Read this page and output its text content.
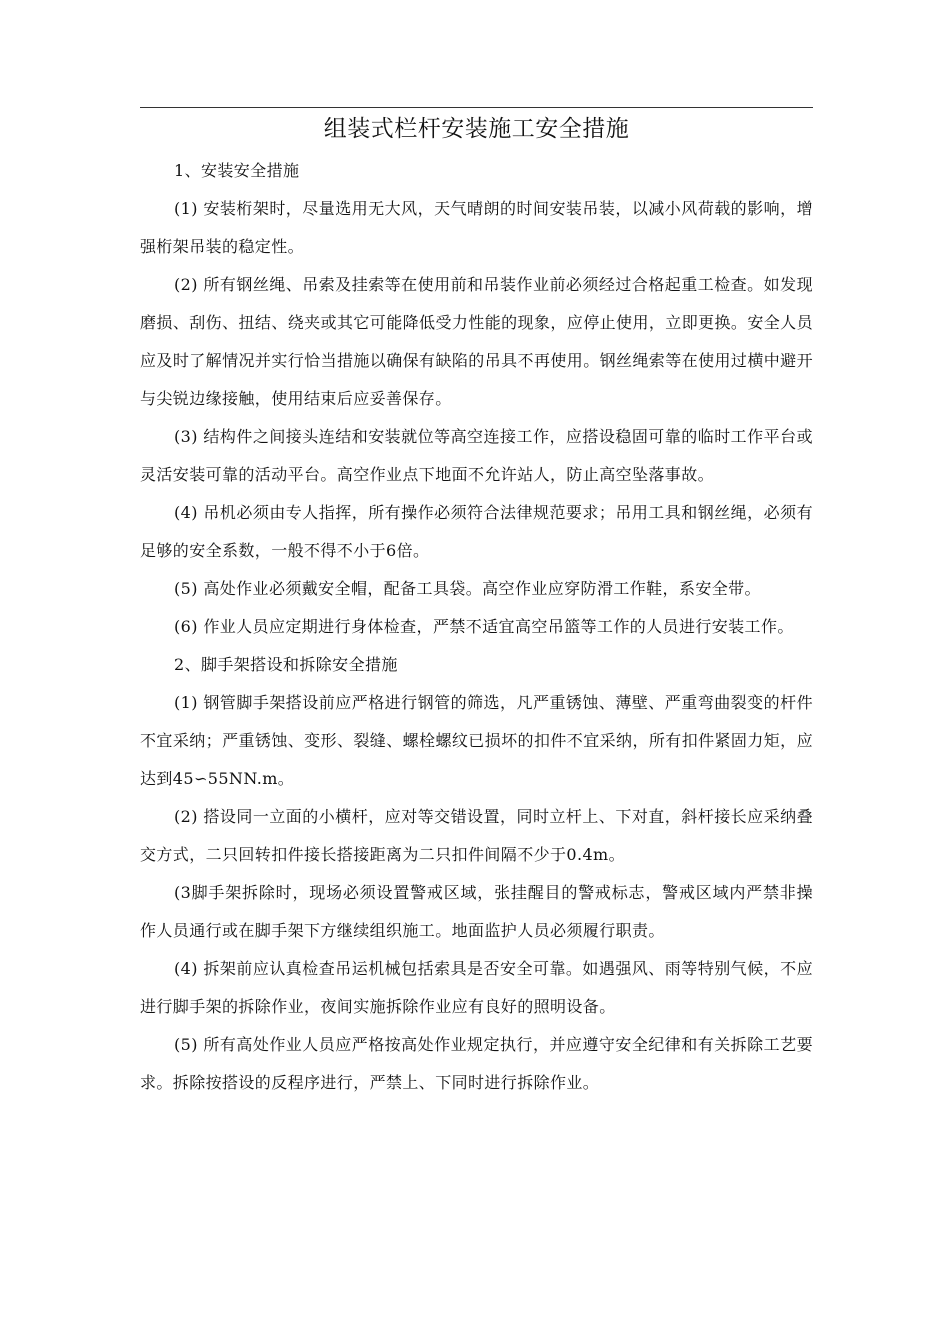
组装式栏杆安装施工安全措施

1、安装安全措施

(1) 安装桁架时，尽量选用无大风，天气晴朗的时间安装吊装，以减小风荷载的影响，增强桁架吊装的稳定性。

(2) 所有钢丝绳、吊索及挂索等在使用前和吊装作业前必须经过合格起重工检查。如发现磨损、刮伤、扭结、绕夹或其它可能降低受力性能的现象，应停止使用，立即更换。安全人员应及时了解情况并实行恰当措施以确保有缺陷的吊具不再使用。钢丝绳索等在使用过横中避开与尖锐边缘接触，使用结束后应妥善保存。

(3) 结构件之间接头连结和安装就位等高空连接工作，应搭设稳固可靠的临时工作平台或灵活安装可靠的活动平台。高空作业点下地面不允许站人，防止高空坠落事故。

(4) 吊机必须由专人指挥，所有操作必须符合法律规范要求；吊用工具和钢丝绳，必须有足够的安全系数，一般不得不小于6倍。

(5) 高处作业必须戴安全帽，配备工具袋。高空作业应穿防滑工作鞋，系安全带。

(6) 作业人员应定期进行身体检查，严禁不适宜高空吊篮等工作的人员进行安装工作。

2、脚手架搭设和拆除安全措施

(1) 钢管脚手架搭设前应严格进行钢管的筛选，凡严重锈蚀、薄壁、严重弯曲裂变的杆件不宜采纳；严重锈蚀、变形、裂缝、螺栓螺纹已损坏的扣件不宜采纳，所有扣件紧固力矩，应达到45∽55NN.m。

(2) 搭设同一立面的小横杆，应对等交错设置，同时立杆上、下对直，斜杆接长应采纳叠交方式，二只回转扣件接长搭接距离为二只扣件间隔不少于0.4m。

(3脚手架拆除时，现场必须设置警戒区域，张挂醒目的警戒标志，警戒区域内严禁非操作人员通行或在脚手架下方继续组织施工。地面监护人员必须履行职责。

(4) 拆架前应认真检查吊运机械包括索具是否安全可靠。如遇强风、雨等特别气候，不应进行脚手架的拆除作业，夜间实施拆除作业应有良好的照明设备。

(5) 所有高处作业人员应严格按高处作业规定执行，并应遵守安全纪律和有关拆除工艺要求。拆除按搭设的反程序进行，严禁上、下同时进行拆除作业。
